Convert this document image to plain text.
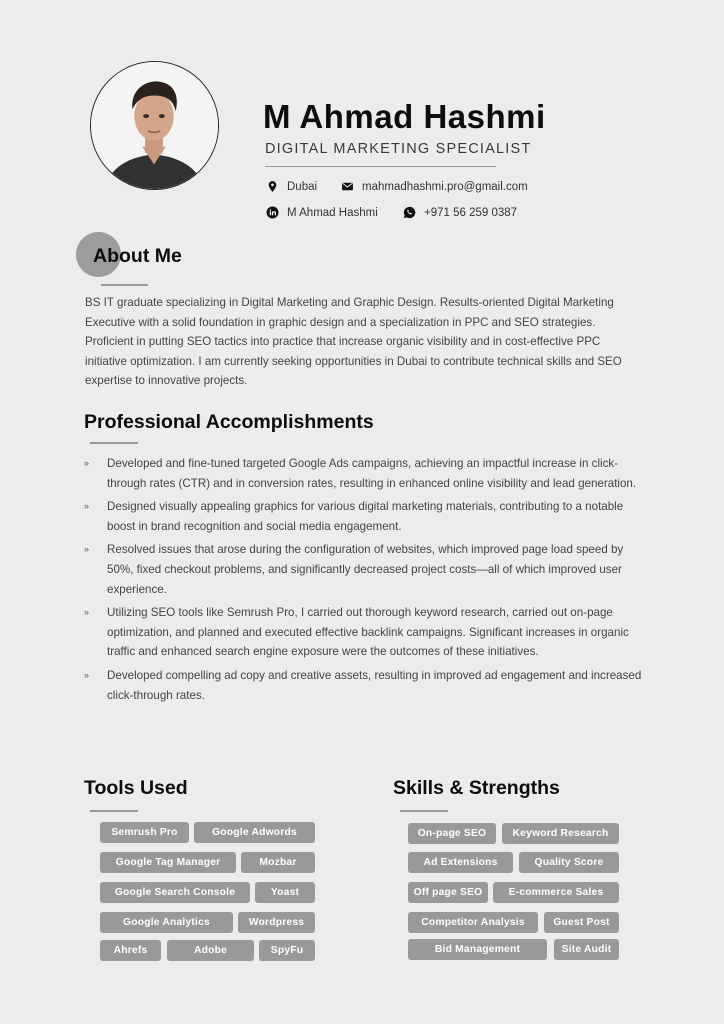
M Ahmad Hashmi
DIGITAL MARKETING SPECIALIST
Dubai	mahmadhashmi.pro@gmail.com
M Ahmad Hashmi	+971 56 259 0387
About Me
BS IT graduate specializing in Digital Marketing and Graphic Design. Results-oriented Digital Marketing Executive with a solid foundation in graphic design and a specialization in PPC and SEO strategies. Proficient in putting SEO tactics into practice that increase organic visibility and in cost-effective PPC initiative optimization. I am currently seeking opportunities in Dubai to contribute technical skills and SEO expertise to innovative projects.
Professional Accomplishments
» Developed and fine-tuned targeted Google Ads campaigns, achieving an impactful increase in click-through rates (CTR) and in conversion rates, resulting in enhanced online visibility and lead generation.
» Designed visually appealing graphics for various digital marketing materials, contributing to a notable boost in brand recognition and social media engagement.
» Resolved issues that arose during the configuration of websites, which improved page load speed by 50%, fixed checkout problems, and significantly decreased project costs—all of which improved user experience.
» Utilizing SEO tools like Semrush Pro, I carried out thorough keyword research, carried out on-page optimization, and planned and executed effective backlink campaigns. Significant increases in organic traffic and enhanced search engine exposure were the outcomes of these initiatives.
» Developed compelling ad copy and creative assets, resulting in improved ad engagement and increased click-through rates.
Tools Used
Semrush Pro	Google Adwords
Google Tag Manager	Mozbar
Google Search Console	Yoast
Google Analytics	Wordpress
Ahrefs	Adobe	SpyFu
Skills & Strengths
On-page SEO	Keyword Research
Ad Extensions	Quality Score
Off page SEO	E-commerce Sales
Competitor Analysis	Guest Post
Bid Management	Site Audit
